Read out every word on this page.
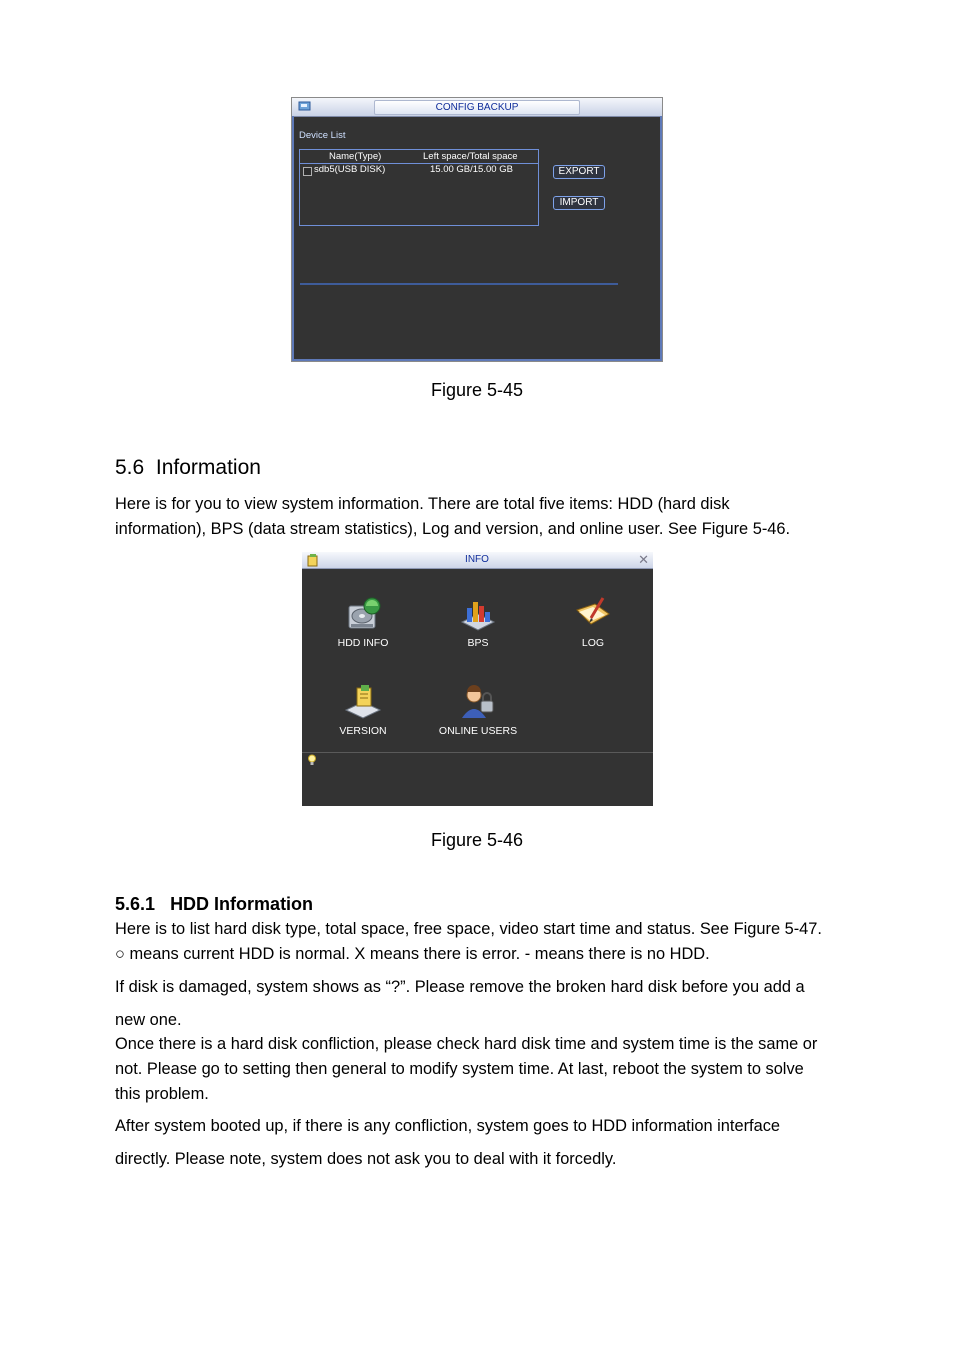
CONFIG BACKUP
Device List
Name(Type)	Left space/Total space
sdb5(USB DISK)	15.00 GB/15.00 GB	EXPORT
IMPORT
Figure 5-45
5.6 Information
Here is for you to view system information. There are total five items: HDD (hard disk
information), BPS (data stream statistics), Log and version, and online user. See Figure 5-46.
INFO	✕
HDD INFO	BPS	LOG
VERSION	ONLINE USERS
Figure 5-46
5.6.1 HDD Information
Here is to list hard disk type, total space, free space, video start time and status. See Figure 5-47.
○ means current HDD is normal. X means there is error. - means there is no HDD.
If disk is damaged, system shows as “?”. Please remove the broken hard disk before you add a
new one.
Once there is a hard disk confliction, please check hard disk time and system time is the same or
not. Please go to setting then general to modify system time. At last, reboot the system to solve
this problem.
After system booted up, if there is any confliction, system goes to HDD information interface
directly. Please note, system does not ask you to deal with it forcedly.
